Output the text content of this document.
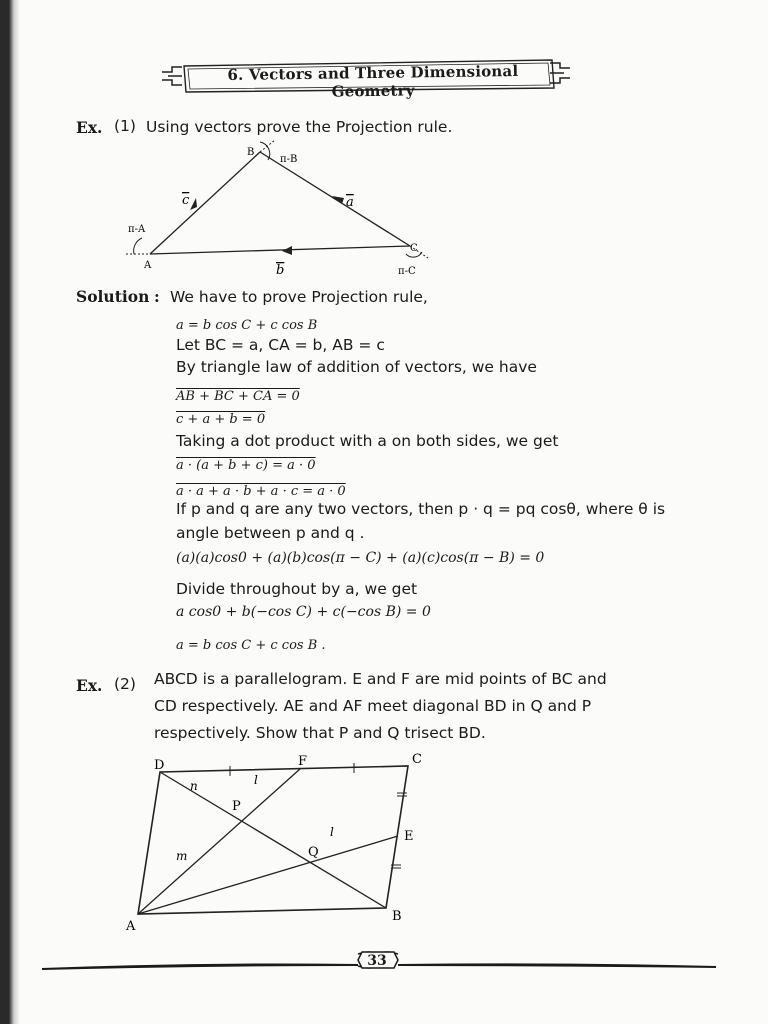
6. Vectors and Three Dimensional Geometry
Ex. (1) Using vectors prove the Projection rule.
B
π-B
π-A
A
C
π-C
c	a
b
Solution : We have to prove Projection rule,
a = b cos C + c cos B
Let BC = a, CA = b, AB = c
By triangle law of addition of vectors, we have
AB + BC + CA = 0
c + a + b = 0
Taking a dot product with a on both sides, we get
a · (a + b + c) = a · 0
a · a + a · b + a · c = a · 0
If p and q are any two vectors, then p · q = pq cosθ, where θ is
angle between p and q .
(a)(a)cos0 + (a)(b)cos(π − C) + (a)(c)cos(π − B) = 0
Divide throughout by a, we get
a cos0 + b(−cos C) + c(−cos B) = 0
a = b cos C + c cos B .
Ex. (2) ABCD is a parallelogram. E and F are mid points of BC and
CD respectively. AE and AF meet diagonal BD in Q and P
respectively. Show that P and Q trisect BD.
D	F	C
P
E
Q
A
B
n	l
m
l
33
